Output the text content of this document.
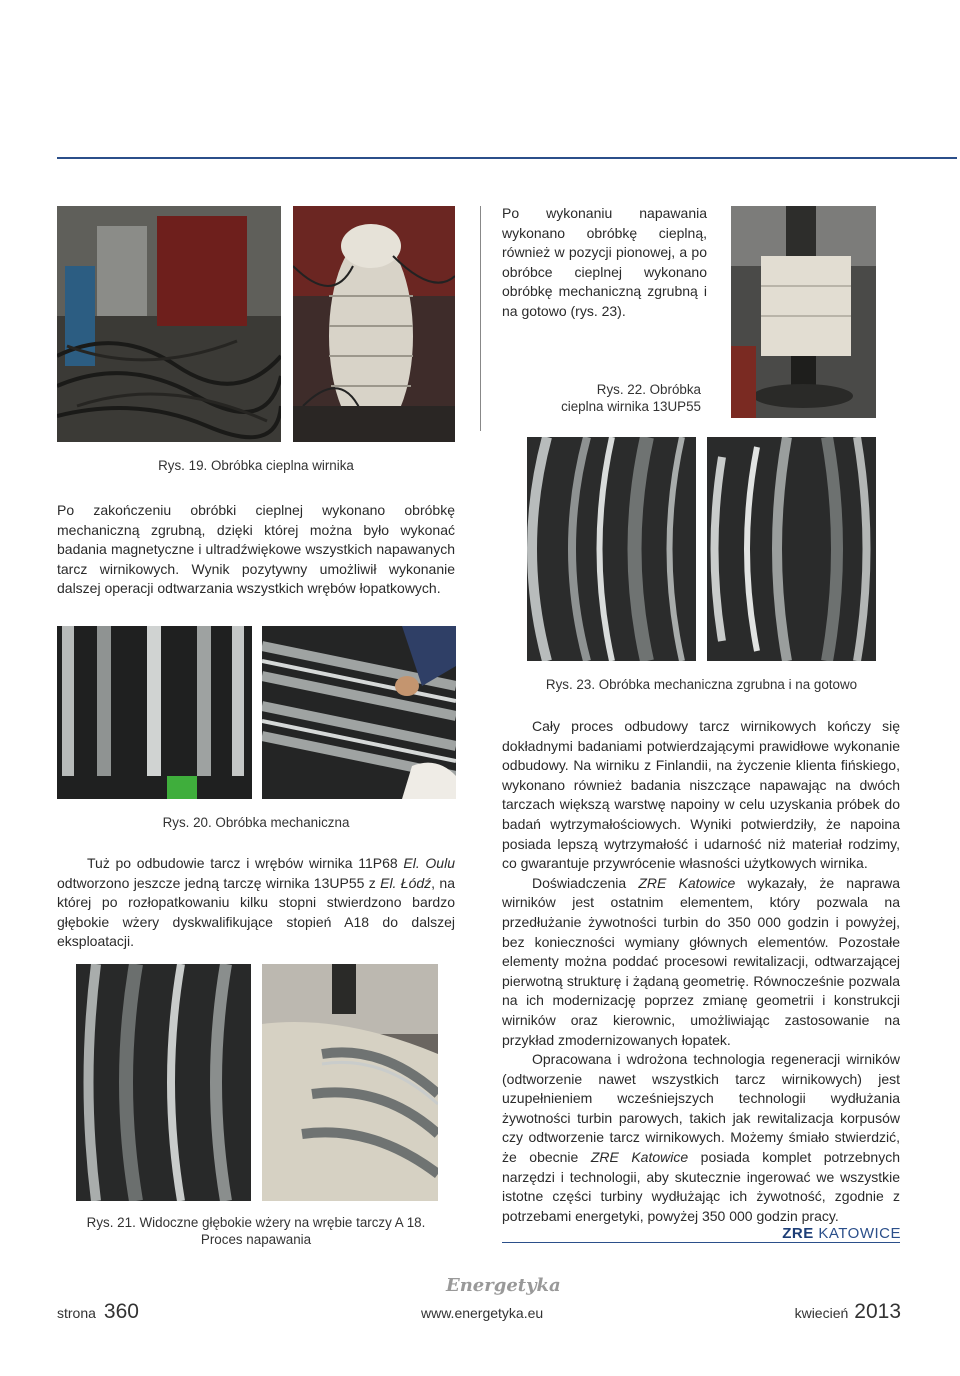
Rys. 19. Obróbka cieplna wirnika

Po wykonaniu napawania wykonano obróbkę cieplną, również w pozycji pionowej, a po obróbce cieplnej wykonano obróbkę mechaniczną zgrubną i na gotowo (rys. 23).

Rys. 22. Obróbka
cieplna wirnika 13UP55

Po zakończeniu obróbki cieplnej wykonano obróbkę mechaniczną zgrubną, dzięki której można było wykonać badania magnetyczne i ultradźwiękowe wszystkich napawanych tarcz wirnikowych. Wynik pozytywny umożliwił wykonanie dalszej operacji odtwarzania wszystkich wrębów łopatkowych.

Rys. 23. Obróbka mechaniczna zgrubna i na gotowo
Rys. 20. Obróbka mechaniczna

Tuż po odbudowie tarcz i wrębów wirnika 11P68 El. Oulu odtworzono jeszcze jedną tarczę wirnika 13UP55 z El. Łódź, na której po rozłopatkowaniu kilku stopni stwierdzono bardzo głębokie wżery dyskwalifikujące stopień A18 do dalszej eksploatacji.

Rys. 21. Widoczne głębokie wżery na wrębie tarczy A 18.
Proces napawania

Cały proces odbudowy tarcz wirnikowych kończy się dokładnymi badaniami potwierdzającymi prawidłowe wykonanie odbudowy. Na wirniku z Finlandii, na życzenie klienta fińskiego, wykonano również badania niszczące napawając na dwóch tarczach większą warstwę napoiny w celu uzyskania próbek do badań wytrzymałościowych. Wyniki potwierdziły, że napoina posiada lepszą wytrzymałość i udarność niż materiał rodzimy, co gwarantuje przywrócenie własności użytkowych wirnika.

Doświadczenia ZRE Katowice wykazały, że naprawa wirników jest ostatnim elementem, który pozwala na przedłużanie żywotności turbin do 350 000 godzin i powyżej, bez konieczności wymiany głównych elementów. Pozostałe elementy można poddać procesowi rewitalizacji, odtwarzającej pierwotną strukturę i żądaną geometrię. Równocześnie pozwala na ich modernizację poprzez zmianę geometrii i konstrukcji wirników oraz kierownic, umożliwiając zastosowanie na przykład zmodernizowanych łopatek.

Opracowana i wdrożona technologia regeneracji wirników (odtworzenie nawet wszystkich tarcz wirnikowych) jest uzupełnieniem wcześniejszych technologii wydłużania żywotności turbin parowych, takich jak rewitalizacja korpusów czy odtworzenie tarcz wirnikowych. Możemy śmiało stwierdzić, że obecnie ZRE Katowice posiada komplet potrzebnych narzędzi i technologii, aby skutecznie ingerować we wszystkie istotne części turbiny wydłużając ich żywotność, zgodnie z potrzebami energetyki, powyżej 350 000 godzin pracy.

ZRE KATOWICE
Energetyka
strona 360	www.energetyka.eu	kwiecień 2013
